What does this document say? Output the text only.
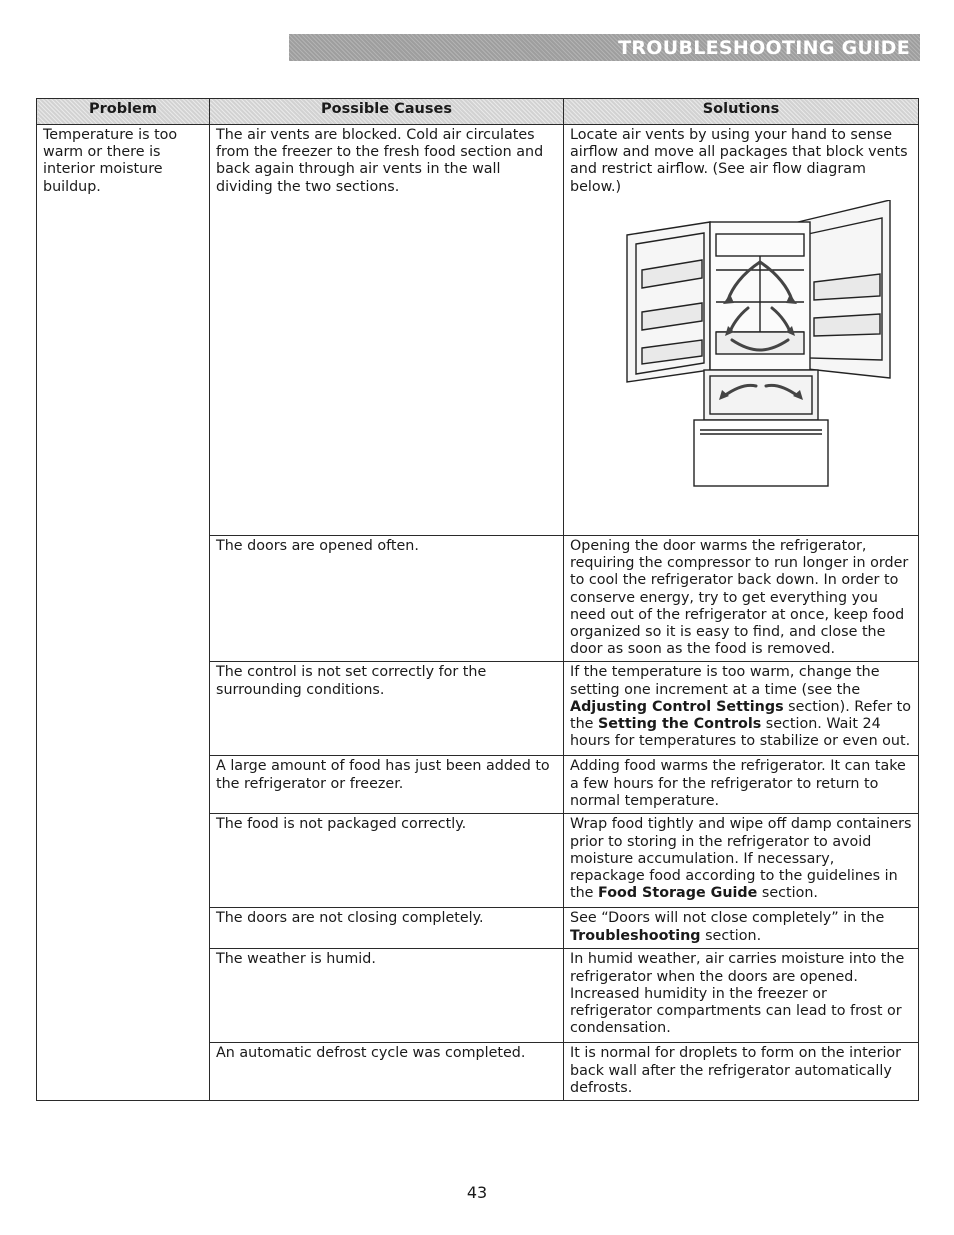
TROUBLESHOOTING GUIDE
Problem	Possible Causes	Solutions
Temperature is too warm or there is interior moisture buildup.	The air vents are blocked. Cold air circulates from the freezer to the fresh food section and back again through air vents in the wall dividing the two sections.	Locate air vents by using your hand to sense airflow and move all packages that block vents and restrict airflow. (See air flow diagram below.)

	The doors are opened often.	Opening the door warms the refrigerator, requiring the compressor to run longer in order to cool the refrigerator back down. In order to conserve energy, try to get everything you need out of the refrigerator at once, keep food organized so it is easy to find, and close the door as soon as the food is removed.
	The control is not set correctly for the surrounding conditions.	If the temperature is too warm, change the setting one increment at a time (see the Adjusting Control Settings section). Refer to the Setting the Controls section. Wait 24 hours for temperatures to stabilize or even out.
	A large amount of food has just been added to the refrigerator or freezer.	Adding food warms the refrigerator. It can take a few hours for the refrigerator to return to normal temperature.
	The food is not packaged correctly.	Wrap food tightly and wipe off damp containers prior to storing in the refrigerator to avoid moisture accumulation. If necessary, repackage food according to the guidelines in the Food Storage Guide section.
	The doors are not closing completely.	See “Doors will not close completely” in the Troubleshooting section.
	The weather is humid.	In humid weather, air carries moisture into the refrigerator when the doors are opened. Increased humidity in the freezer or refrigerator compartments can lead to frost or condensation.
	An automatic defrost cycle was completed.	It is normal for droplets to form on the interior back wall after the refrigerator automatically defrosts.
43
